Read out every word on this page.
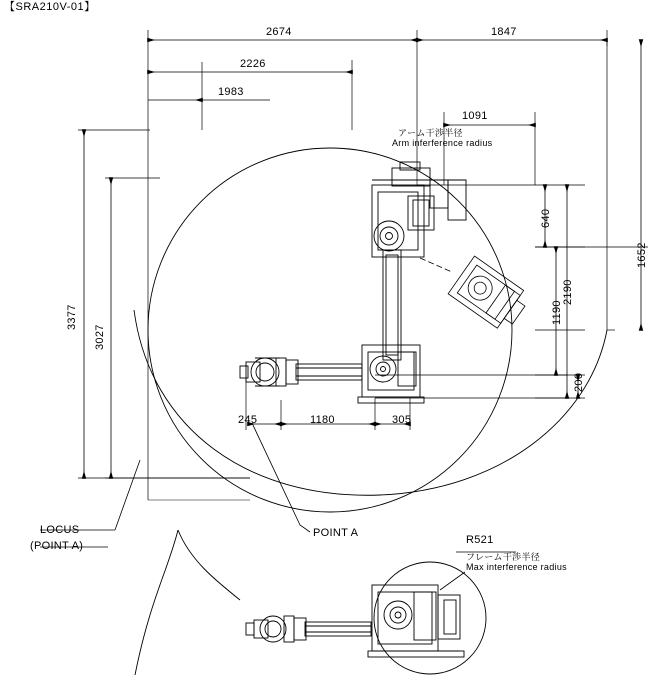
【SRA210V-01】
2674	1847
2226
1983
1091
アーム干渉半径
Arm inferference radius
3377
3027
1652
2190
1190
640
200
245	1180	305
LOCUS
(POINT A)
POINT A
R521
フレーム干渉半径
Max interference radius
